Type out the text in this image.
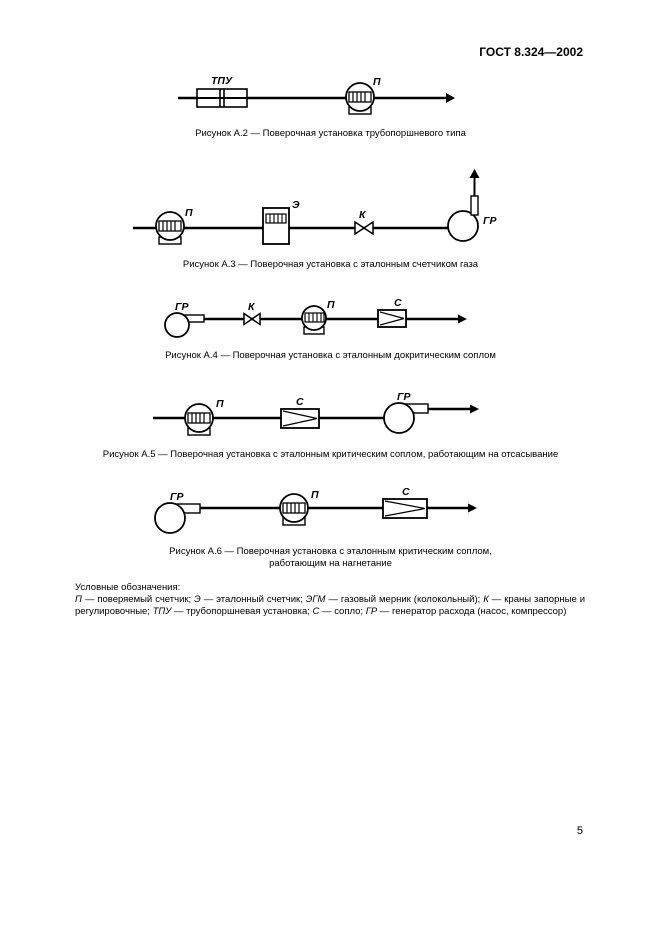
ГОСТ 8.324—2002
ТПУ	П
Рисунок А.2 — Поверочная установка трубопоршневого типа
П
Э
К	ГР
Рисунок А.3 — Поверочная установка с эталонным счетчиком газа
ГР	К	П	С
Рисунок А.4 — Поверочная установка с эталонным докритическим соплом
П	С	ГР
Рисунок А.5 — Поверочная установка с эталонным критическим соплом, работающим на отсасывание
ГР	П	С
Рисунок А.6 — Поверочная установка с эталонным критическим соплом,
работающим на нагнетание

Условные обозначения:

П — поверяемый счетчик; Э — эталонный счетчик; ЭГМ — газовый мерник (колокольный); К — краны запорные и регулировочные; ТПУ — трубопоршневая установка; С — сопло; ГР — генератор расхода (насос, компрессор)

5
